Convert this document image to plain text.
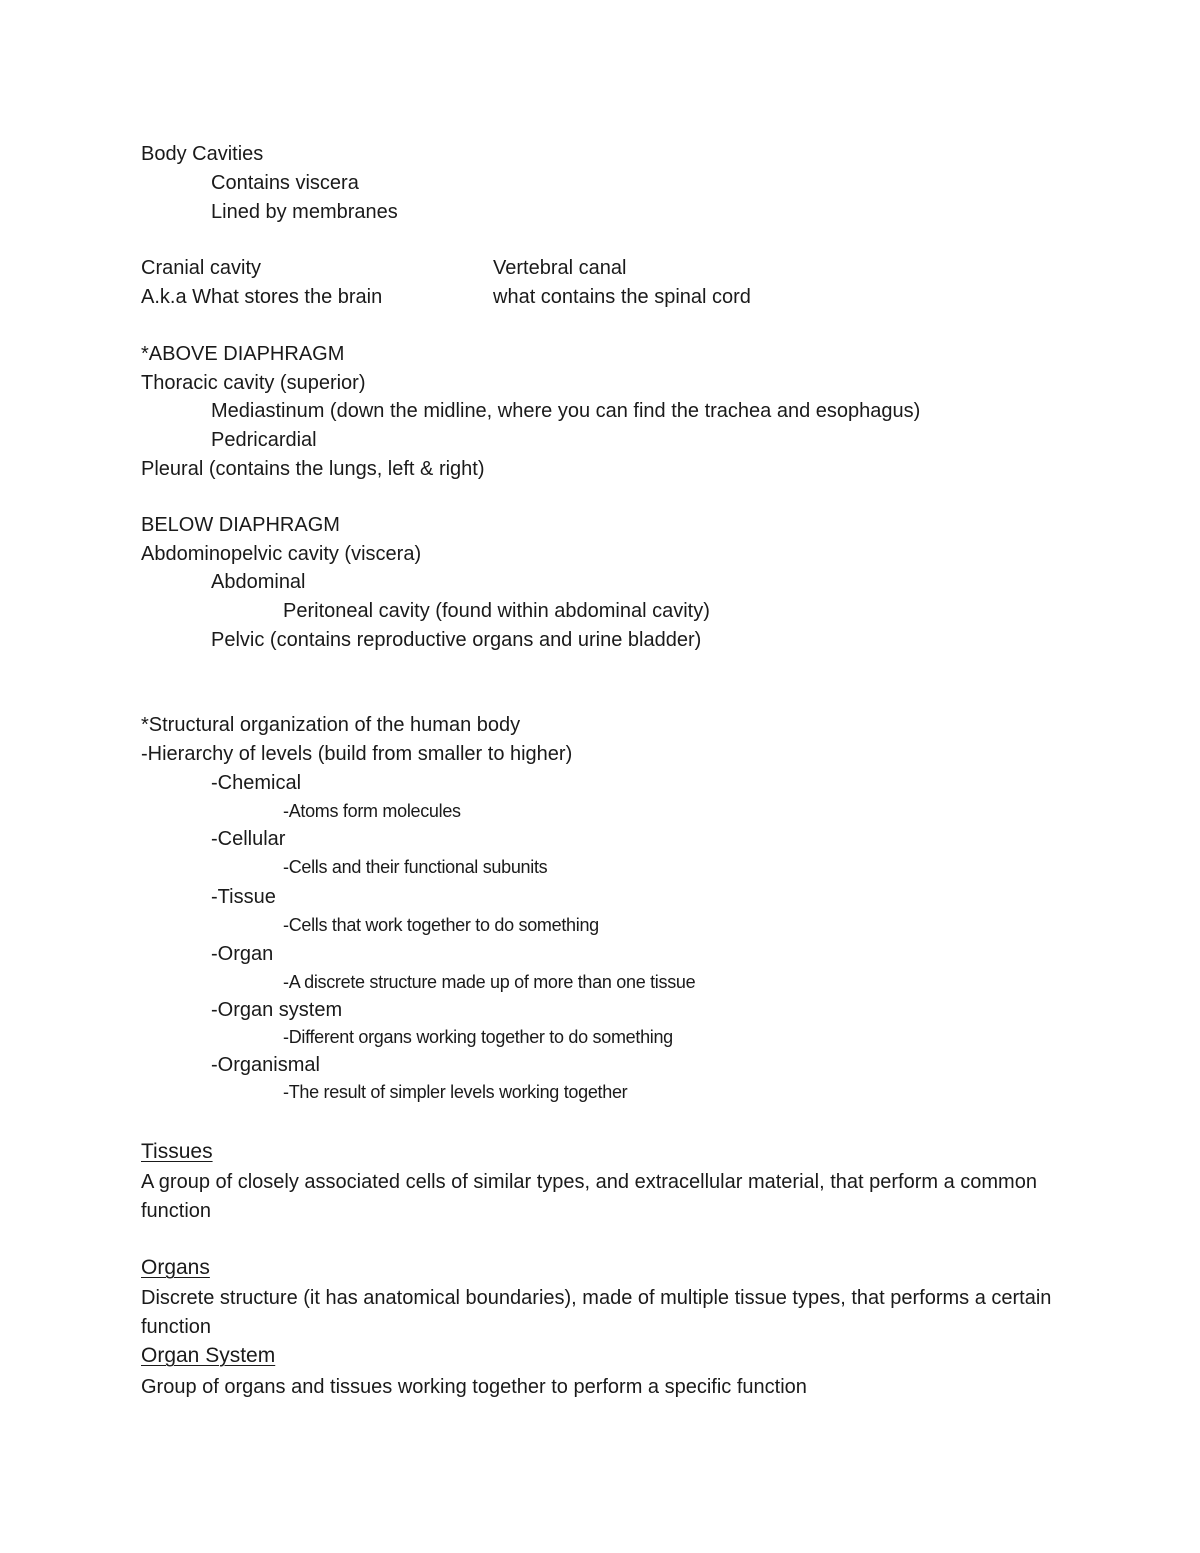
Body Cavities
Contains viscera
Lined by membranes
Cranial cavity	Vertebral canal
A.k.a What stores the brain	what contains the spinal cord
*ABOVE DIAPHRAGM
Thoracic cavity (superior)
Mediastinum (down the midline, where you can find the trachea and esophagus)
Pedricardial
Pleural (contains the lungs, left & right)
BELOW DIAPHRAGM
Abdominopelvic cavity (viscera)
Abdominal
Peritoneal cavity (found within abdominal cavity)
Pelvic (contains reproductive organs and urine bladder)
*Structural organization of the human body
-Hierarchy of levels (build from smaller to higher)
-Chemical
-Atoms form molecules
-Cellular
-Cells and their functional subunits
-Tissue
-Cells that work together to do something
-Organ
-A discrete structure made up of more than one tissue
-Organ system
-Different organs working together to do something
-Organismal
-The result of simpler levels working together
Tissues
A group of closely associated cells of similar types, and extracellular material, that perform a common function
Organs
Discrete structure (it has anatomical boundaries), made of multiple tissue types, that performs a certain function
Organ System
Group of organs and tissues working together to perform a specific function
